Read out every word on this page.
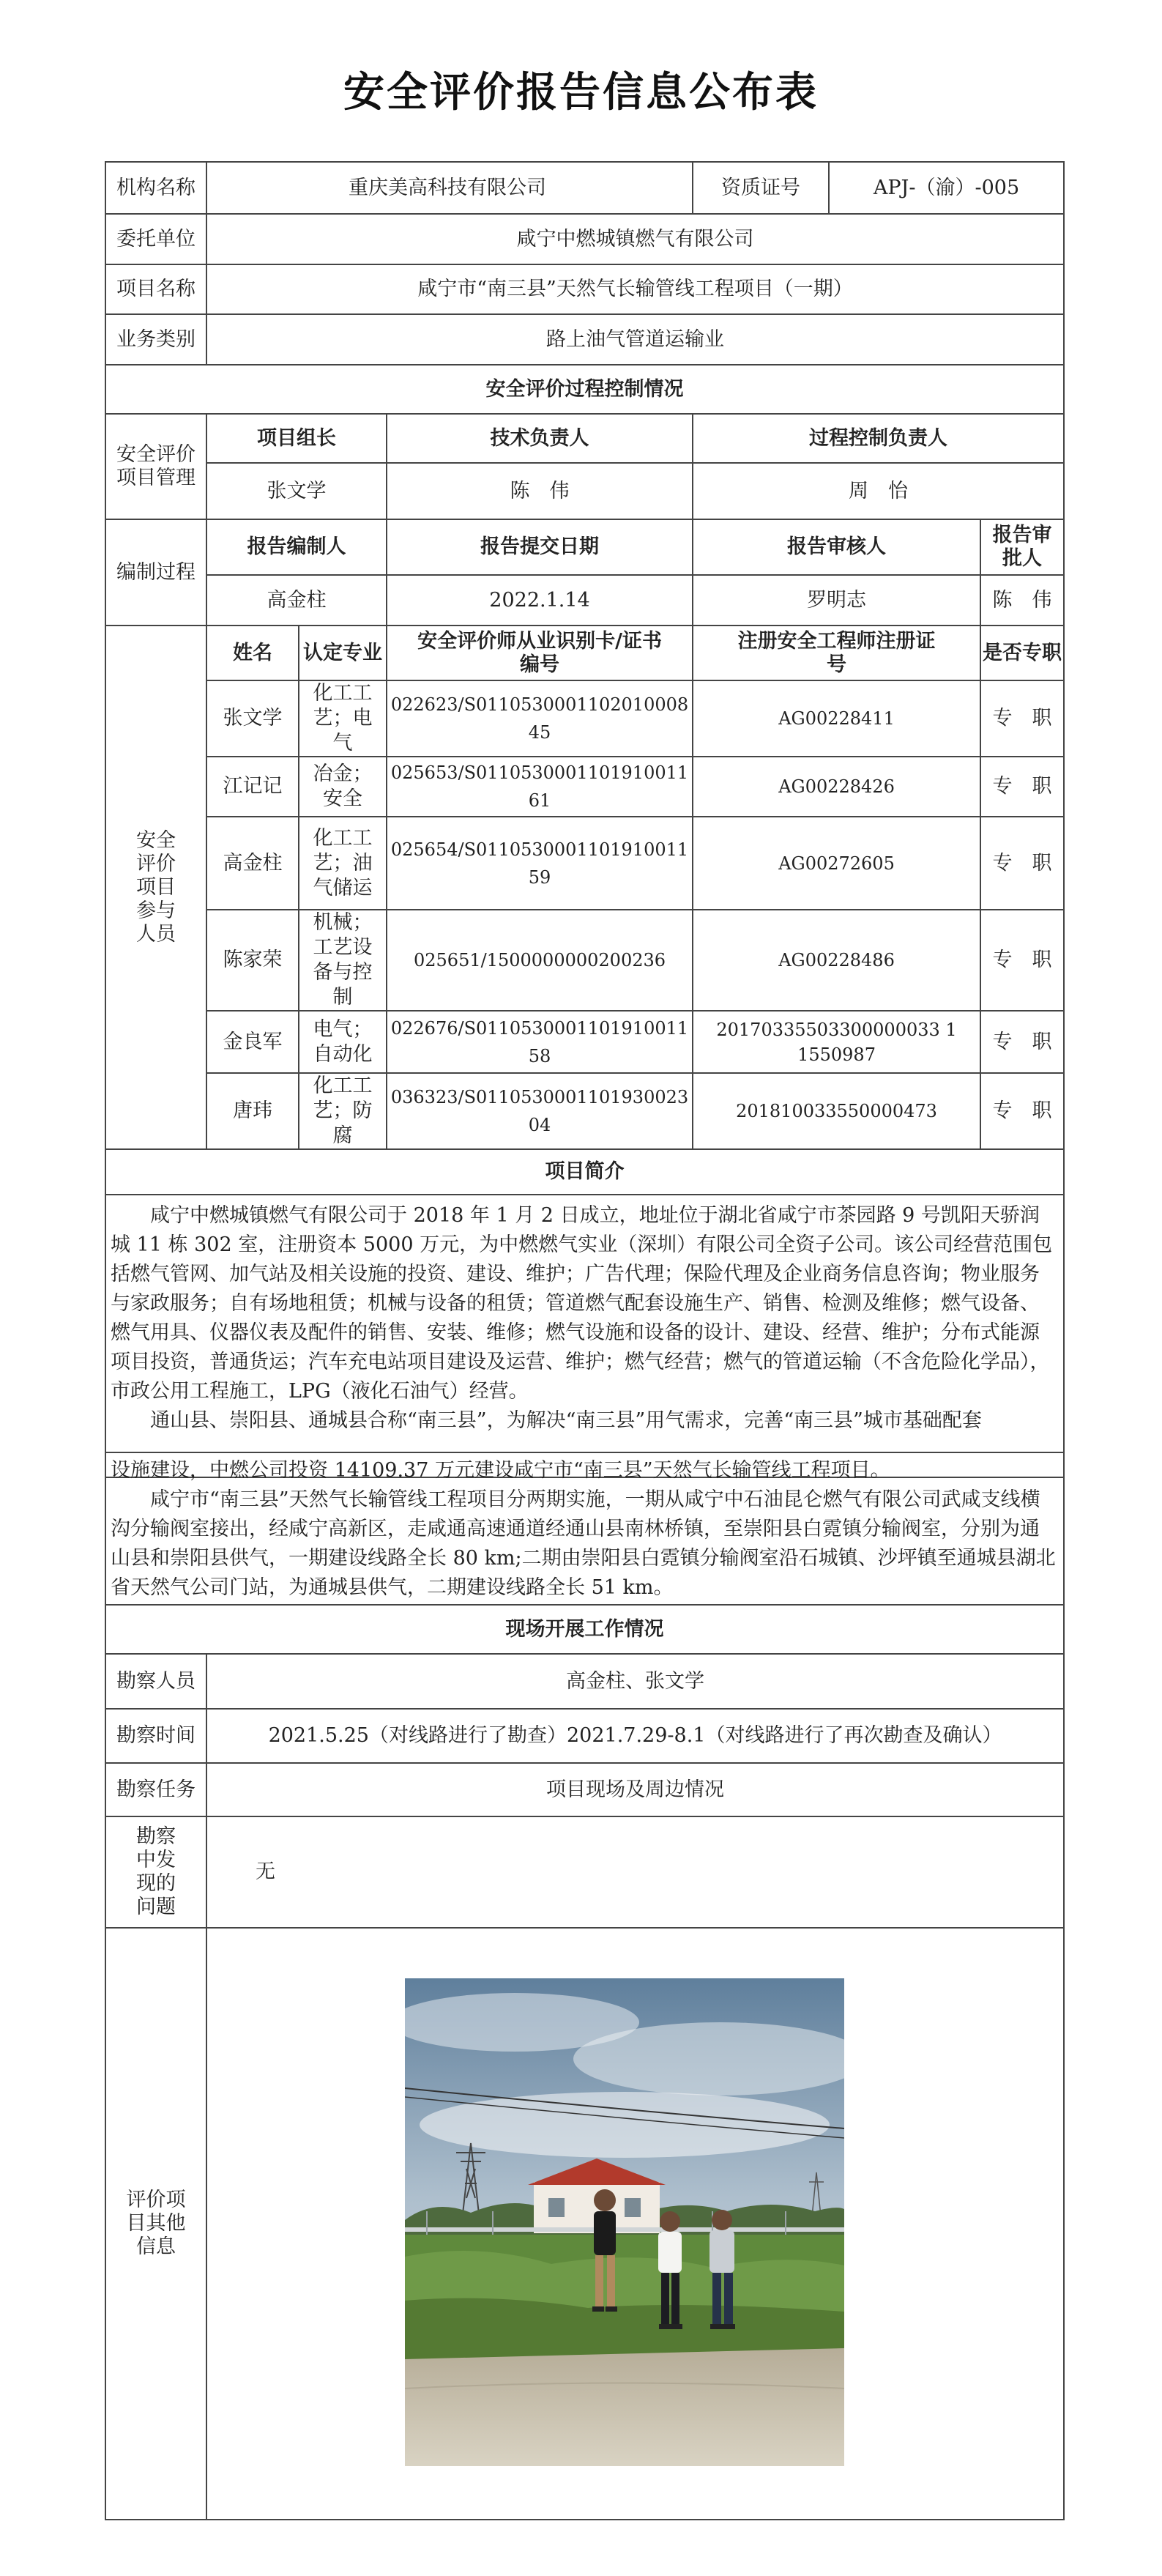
安全评价报告信息公布表
机构名称	重庆美高科技有限公司			资质证号	APJ-（渝）-005	
委托单位	咸宁中燃城镇燃气有限公司					
项目名称	咸宁市“南三县”天然气长输管线工程项目（一期）					
业务类别	路上油气管道运输业					
安全评价过程控制情况						
安全评价项目管理	项目组长		技术负责人	过程控制负责人		
	张文学		陈　伟	周　怡		
编制过程	报告编制人		报告提交日期	报告审核人		报告审批人
	高金柱		2022.1.14	罗明志		陈　伟
安全评价项目参与人员	姓名	认定专业	安全评价师从业识别卡/证书编号	注册安全工程师注册证号		是否专职
	张文学	化工工艺；电气	022623/S011053000110201000845	AG00228411		专　职
	江记记	冶金；安全	025653/S011053000110191001161	AG00228426		专　职
	高金柱	化工工艺；油气储运	025654/S011053000110191001159	AG00272605		专　职
	陈家荣	机械；工艺设备与控制	025651/1500000000200236	AG00228486		专　职
	金良军	电气；自动化	022676/S011053000110191001158	20170335503300000033 11550987		专　职
	唐玮	化工工艺；防腐	036323/S011053000110193002304	201810033550000473		专　职
项目简介						

咸宁中燃城镇燃气有限公司于 2018 年 1 月 2 日成立，地址位于湖北省咸宁市茶园路 9 号凯阳天骄润城 11 栋 302 室，注册资本 5000 万元，为中燃燃气实业（深圳）有限公司全资子公司。该公司经营范围包括燃气管网、加气站及相关设施的投资、建设、维护；广告代理；保险代理及企业商务信息咨询；物业服务与家政服务；自有场地租赁；机械与设备的租赁；管道燃气配套设施生产、销售、检测及维修；燃气设备、燃气用具、仪器仪表及配件的销售、安装、维修；燃气设施和设备的设计、建设、经营、维护；分布式能源项目投资，普通货运；汽车充电站项目建设及运营、维护；燃气经营；燃气的管道运输（不含危险化学品），市政公用工程施工，LPG（液化石油气）经营。

通山县、崇阳县、通城县合称“南三县”，为解决“南三县”用气需求，完善“南三县”城市基础配套						

设施建设，中燃公司投资 14109.37 万元建设咸宁市“南三县”天然气长输管线工程项目。

咸宁市“南三县”天然气长输管线工程项目分两期实施，一期从咸宁中石油昆仑燃气有限公司武咸支线横沟分输阀室接出，经咸宁高新区，走咸通高速通道经通山县南林桥镇，至崇阳县白霓镇分输阀室，分别为通山县和崇阳县供气，一期建设线路全长 80 km;二期由崇阳县白霓镇分输阀室沿石城镇、沙坪镇至通城县湖北省天然气公司门站，为通城县供气，二期建设线路全长 51 km。	

现场开展工作情况	
勘察人员	高金柱、张文学
勘察时间	2021.5.25（对线路进行了勘查）2021.7.29-8.1（对线路进行了再次勘查及确认）
勘察任务	项目现场及周边情况
勘察中发现的问题	无
评价项目其他信息	
